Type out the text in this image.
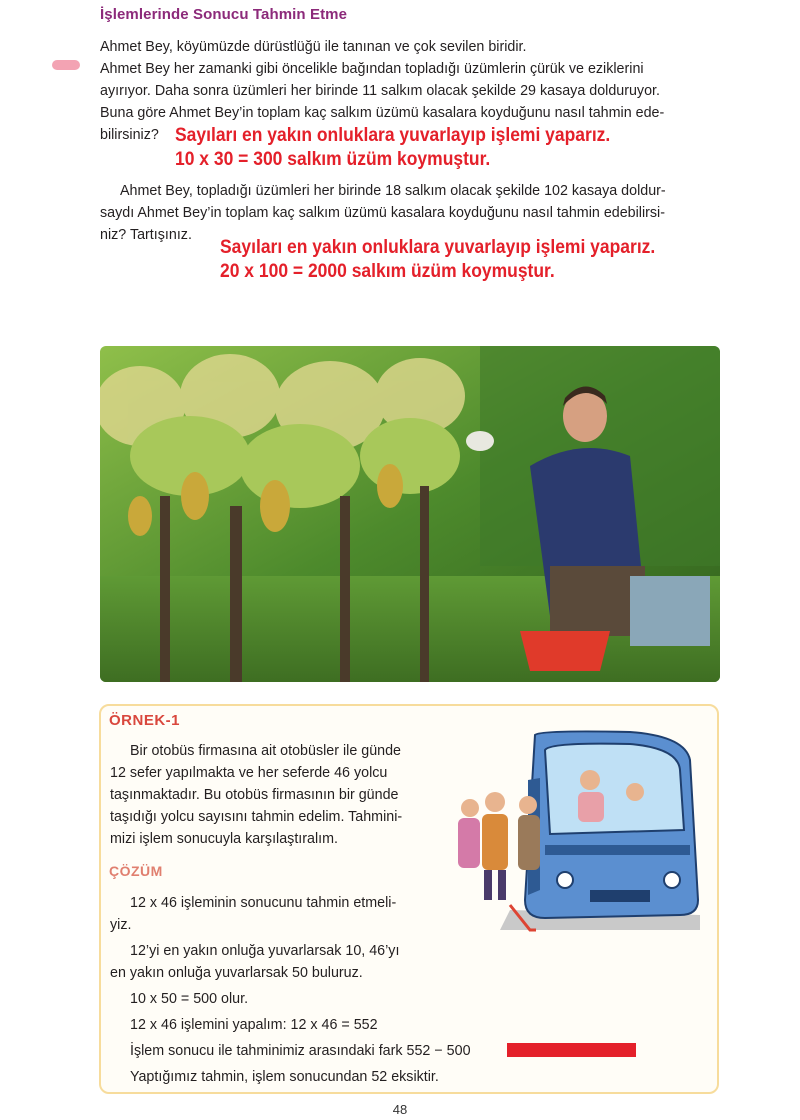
İşlemlerinde Sonucu Tahmin Etme

Ahmet Bey, köyümüzde dürüstlüğü ile tanınan ve çok sevilen biridir.

Ahmet Bey her zamanki gibi öncelikle bağından topladığı üzümlerin çürük ve eziklerini

ayırıyor. Daha sonra üzümleri her birinde 11 salkım olacak şekilde 29 kasaya dolduruyor.

Buna göre Ahmet Bey’in toplam kaç salkım üzümü kasalara koyduğunu nasıl tahmin ede-

bilirsiniz? Sayıları en yakın onluklara yuvarlayıp işlemi yaparız.
10 x 30 = 300 salkım üzüm koymuştur.

Ahmet Bey, topladığı üzümleri her birinde 18 salkım olacak şekilde 102 kasaya doldur-

saydı Ahmet Bey’in toplam kaç salkım üzümü kasalara koyduğunu nasıl tahmin edebilirsi-

niz? Tartışınız.

Sayıları en yakın onluklara yuvarlayıp işlemi yaparız.
20 x 100 = 2000 salkım üzüm koymuştur.
ÖRNEK-1
Bir otobüs firmasına ait otobüsler ile günde
12 sefer yapılmakta ve her seferde 46 yolcu
taşınmaktadır. Bu otobüs firmasının bir günde
taşıdığı yolcu sayısını tahmin edelim. Tahmini-
mizi işlem sonucuyla karşılaştıralım.
ÇÖZÜM
12 x 46 işleminin sonucunu tahmin etmeli-
yiz.
12’yi en yakın onluğa yuvarlarsak 10, 46’yı
en yakın onluğa yuvarlarsak 50 buluruz.
10 x 50 = 500 olur.
12 x 46 işlemini yapalım: 12 x 46 = 552
İşlem sonucu ile tahminimiz arasındaki fark 552 − 500
Yaptığımız tahmin, işlem sonucundan 52 eksiktir.
48
